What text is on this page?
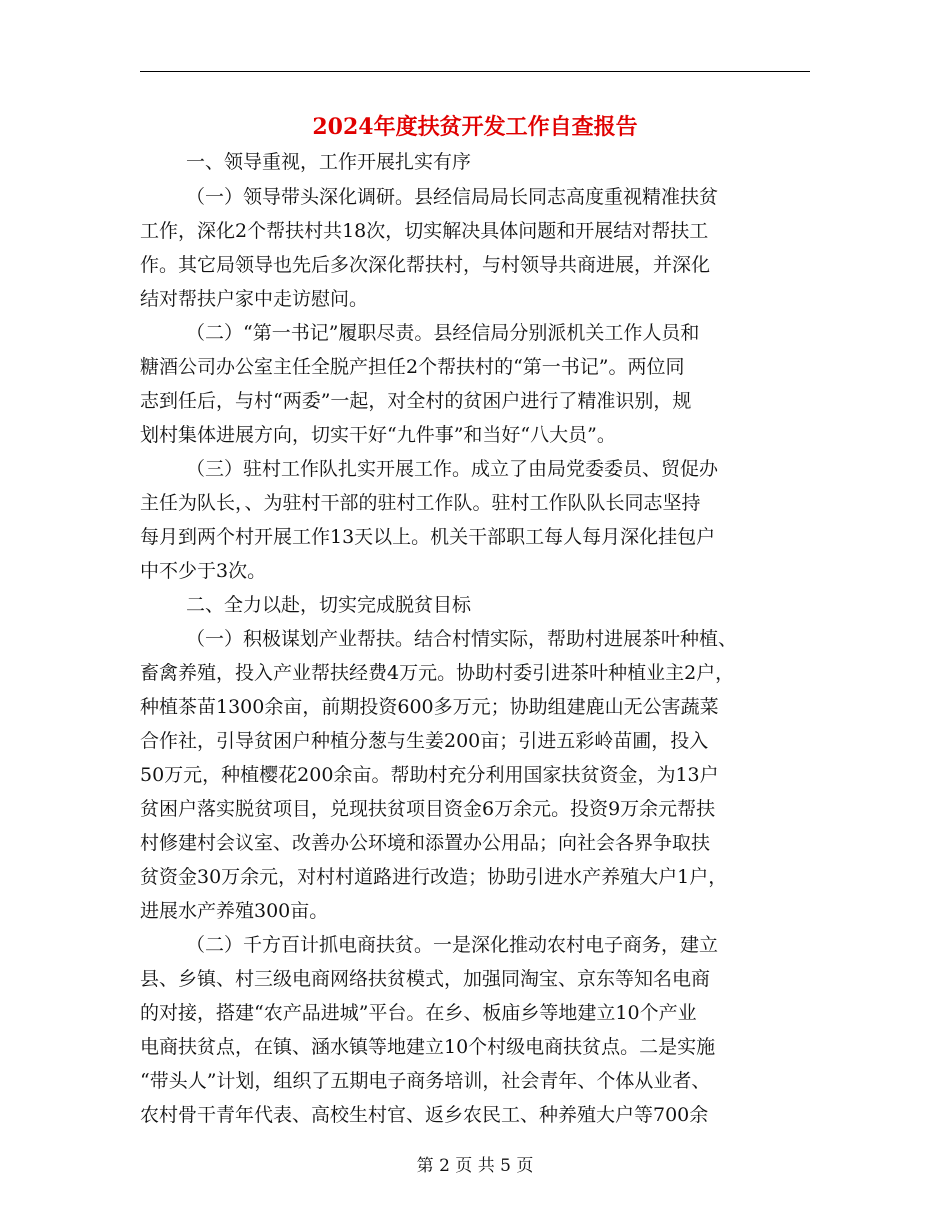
2024年度扶贫开发工作自查报告
一、领导重视，工作开展扎实有序
（一）领导带头深化调研。县经信局局长同志高度重视精准扶贫
工作，深化2个帮扶村共18次，切实解决具体问题和开展结对帮扶工
作。其它局领导也先后多次深化帮扶村，与村领导共商进展，并深化
结对帮扶户家中走访慰问。
（二）“第一书记”履职尽责。县经信局分别派机关工作人员和
糖酒公司办公室主任全脱产担任2个帮扶村的“第一书记”。两位同
志到任后，与村“两委”一起，对全村的贫困户进行了精准识别，规
划村集体进展方向，切实干好“九件事”和当好“八大员”。
（三）驻村工作队扎实开展工作。成立了由局党委委员、贸促办
主任为队长，、为驻村干部的驻村工作队。驻村工作队队长同志坚持
每月到两个村开展工作13天以上。机关干部职工每人每月深化挂包户
中不少于3次。
二、全力以赴，切实完成脱贫目标
（一）积极谋划产业帮扶。结合村情实际，帮助村进展茶叶种植、
畜禽养殖，投入产业帮扶经费4万元。协助村委引进茶叶种植业主2户，
种植茶苗1300余亩，前期投资600多万元；协助组建鹿山无公害蔬菜
合作社，引导贫困户种植分葱与生姜200亩；引进五彩岭苗圃，投入
50万元，种植樱花200余亩。帮助村充分利用国家扶贫资金，为13户
贫困户落实脱贫项目，兑现扶贫项目资金6万余元。投资9万余元帮扶
村修建村会议室、改善办公环境和添置办公用品；向社会各界争取扶
贫资金30万余元，对村村道路进行改造；协助引进水产养殖大户1户，
进展水产养殖300亩。
（二）千方百计抓电商扶贫。一是深化推动农村电子商务，建立
县、乡镇、村三级电商网络扶贫模式，加强同淘宝、京东等知名电商
的对接，搭建“农产品进城”平台。在乡、板庙乡等地建立10个产业
电商扶贫点，在镇、涵水镇等地建立10个村级电商扶贫点。二是实施
“带头人”计划，组织了五期电子商务培训，社会青年、个体从业者、
农村骨干青年代表、高校生村官、返乡农民工、种养殖大户等700余
第 2 页 共 5 页
